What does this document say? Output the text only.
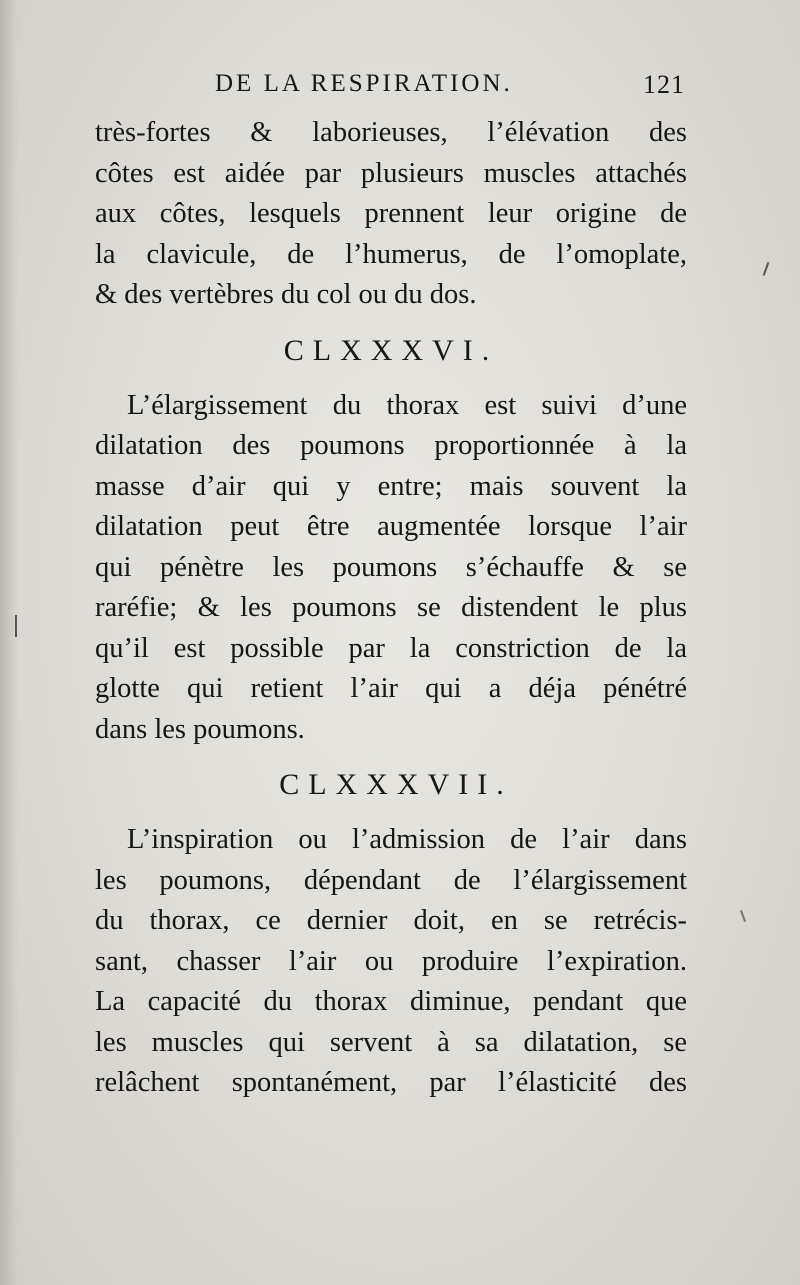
DE LA RESPIRATION.	121
très-fortes & laborieuses, l’élévation des
côtes est aidée par plusieurs muscles attachés
aux côtes, lesquels prennent leur origine de
la clavicule, de l’humerus, de l’omoplate,
& des vertèbres du col ou du dos.
CLXXXVI.
L’élargissement du thorax est suivi d’une
dilatation des poumons proportionnée à la
masse d’air qui y entre; mais souvent la
dilatation peut être augmentée lorsque l’air
qui pénètre les poumons s’échauffe & se
raréfie; & les poumons se distendent le plus
qu’il est possible par la constriction de la
glotte qui retient l’air qui a déja pénétré
dans les poumons.
CLXXXVII.
L’inspiration ou l’admission de l’air dans
les poumons, dépendant de l’élargissement
du thorax, ce dernier doit, en se retrécis-
sant, chasser l’air ou produire l’expiration.
La capacité du thorax diminue, pendant que
les muscles qui servent à sa dilatation, se
relâchent spontanément, par l’élasticité des
